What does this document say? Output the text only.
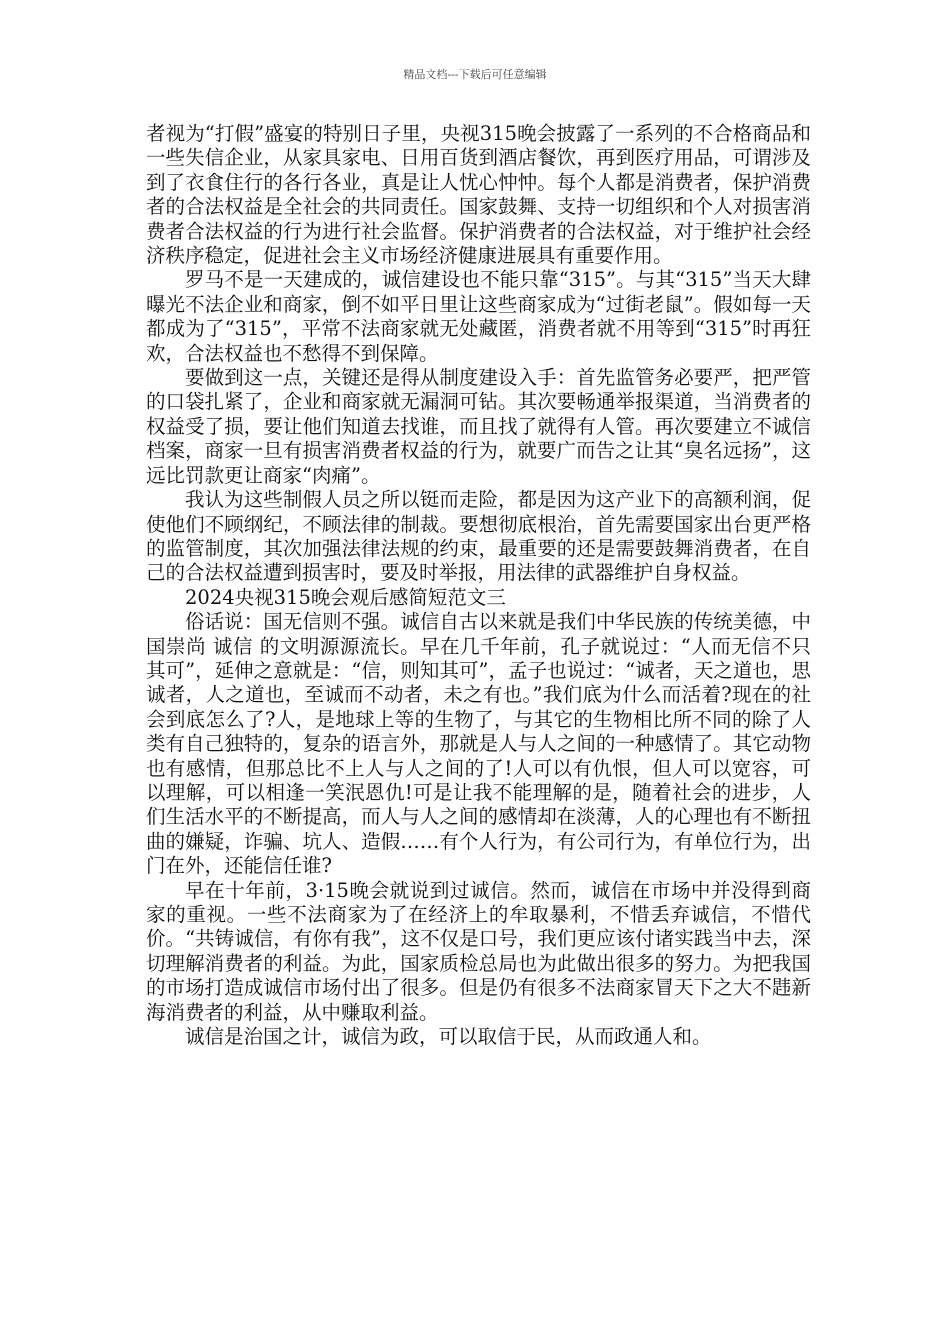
精品文档---下载后可任意编辑

者视为“打假”盛宴的特别日子里，央视315晚会披露了一系列的不合格商品和一些失信企业，从家具家电、日用百货到酒店餐饮，再到医疗用品，可谓涉及到了衣食住行的各行各业，真是让人忧心忡忡。每个人都是消费者，保护消费者的合法权益是全社会的共同责任。国家鼓舞、支持一切组织和个人对损害消费者合法权益的行为进行社会监督。保护消费者的合法权益，对于维护社会经济秩序稳定，促进社会主义市场经济健康进展具有重要作用。

罗马不是一天建成的，诚信建设也不能只靠“315”。与其“315”当天大肆曝光不法企业和商家，倒不如平日里让这些商家成为“过街老鼠”。假如每一天都成为了“315”，平常不法商家就无处藏匿，消费者就不用等到“315”时再狂欢，合法权益也不愁得不到保障。

要做到这一点，关键还是得从制度建设入手：首先监管务必要严，把严管的口袋扎紧了，企业和商家就无漏洞可钻。其次要畅通举报渠道，当消费者的权益受了损，要让他们知道去找谁，而且找了就得有人管。再次要建立不诚信档案，商家一旦有损害消费者权益的行为，就要广而告之让其“臭名远扬”，这远比罚款更让商家“肉痛”。

我认为这些制假人员之所以铤而走险，都是因为这产业下的高额利润，促使他们不顾纲纪，不顾法律的制裁。要想彻底根治，首先需要国家出台更严格的监管制度，其次加强法律法规的约束，最重要的还是需要鼓舞消费者，在自己的合法权益遭到损害时，要及时举报，用法律的武器维护自身权益。

2024央视315晚会观后感简短范文三

俗话说：国无信则不强。诚信自古以来就是我们中华民族的传统美德，中国崇尚 诚信 的文明源源流长。早在几千年前，孔子就说过：“人而无信不只其可”，延伸之意就是：“信，则知其可”，孟子也说过：“诚者，天之道也，思诚者，人之道也，至诚而不动者，未之有也。”我们底为什么而活着?现在的社会到底怎么了?人，是地球上等的生物了，与其它的生物相比所不同的除了人类有自己独特的，复杂的语言外，那就是人与人之间的一种感情了。其它动物也有感情，但那总比不上人与人之间的了!人可以有仇恨，但人可以宽容，可以理解，可以相逢一笑泯恩仇!可是让我不能理解的是，随着社会的进步，人们生活水平的不断提高，而人与人之间的感情却在淡薄，人的心理也有不断扭曲的嫌疑，诈骗、坑人、造假……有个人行为，有公司行为，有单位行为，出门在外，还能信任谁?

早在十年前，3·15晚会就说到过诚信。然而，诚信在市场中并没得到商家的重视。一些不法商家为了在经济上的牟取暴利，不惜丢弃诚信，不惜代价。“共铸诚信，有你有我”，这不仅是口号，我们更应该付诸实践当中去，深切理解消费者的利益。为此，国家质检总局也为此做出很多的努力。为把我国的市场打造成诚信市场付出了很多。但是仍有很多不法商家冒天下之大不韪新海消费者的利益，从中赚取利益。

诚信是治国之计，诚信为政，可以取信于民，从而政通人和。
